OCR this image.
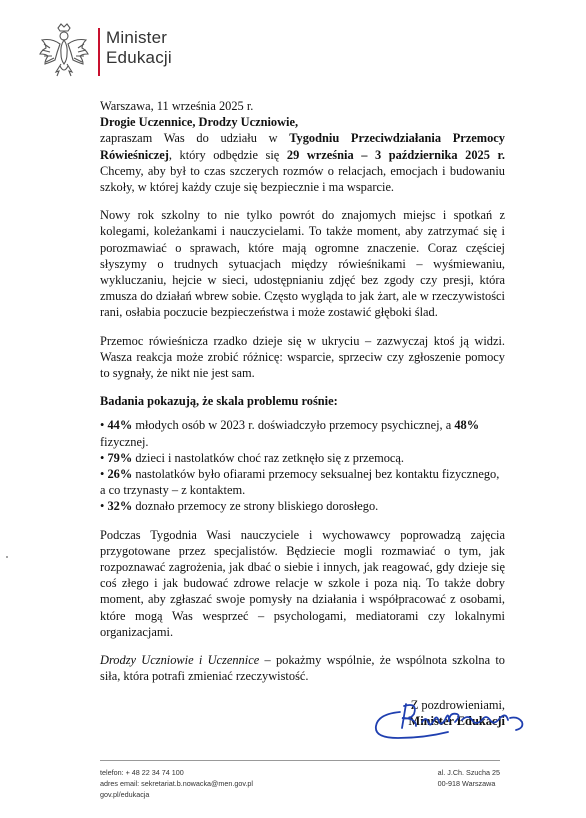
Minister
Edukacji

Warszawa, 11 września 2025 r.

Drogie Uczennice, Drodzy Uczniowie,

zapraszam Was do udziału w Tygodniu Przeciwdziałania Przemocy Rówieśniczej, który odbędzie się 29 września – 3 października 2025 r. Chcemy, aby był to czas szczerych rozmów o relacjach, emocjach i budowaniu szkoły, w której każdy czuje się bezpiecznie i ma wsparcie.

Nowy rok szkolny to nie tylko powrót do znajomych miejsc i spotkań z kolegami, koleżankami i nauczycielami. To także moment, aby zatrzymać się i porozmawiać o sprawach, które mają ogromne znaczenie. Coraz częściej słyszymy o trudnych sytuacjach między rówieśnikami – wyśmiewaniu, wykluczaniu, hejcie w sieci, udostępnianiu zdjęć bez zgody czy presji, która zmusza do działań wbrew sobie. Często wygląda to jak żart, ale w rzeczywistości rani, osłabia poczucie bezpieczeństwa i może zostawić głęboki ślad.

Przemoc rówieśnicza rzadko dzieje się w ukryciu – zazwyczaj ktoś ją widzi. Wasza reakcja może zrobić różnicę: wsparcie, sprzeciw czy zgłoszenie pomocy to sygnały, że nikt nie jest sam.

Badania pokazują, że skala problemu rośnie:

• 44% młodych osób w 2023 r. doświadczyło przemocy psychicznej, a 48% fizycznej.

• 79% dzieci i nastolatków choć raz zetknęło się z przemocą.

• 26% nastolatków było ofiarami przemocy seksualnej bez kontaktu fizycznego, a co trzynasty – z kontaktem.

• 32% doznało przemocy ze strony bliskiego dorosłego.

Podczas Tygodnia Wasi nauczyciele i wychowawcy poprowadzą zajęcia przygotowane przez specjalistów. Będziecie mogli rozmawiać o tym, jak rozpoznawać zagrożenia, jak dbać o siebie i innych, jak reagować, gdy dzieje się coś złego i jak budować zdrowe relacje w szkole i poza nią. To także dobry moment, aby zgłaszać swoje pomysły na działania i współpracować z osobami, które mogą Was wesprzeć – psychologami, mediatorami czy lokalnymi organizacjami.

Drodzy Uczniowie i Uczennice – pokażmy wspólnie, że wspólnota szkolna to siła, która potrafi zmieniać rzeczywistość.

Z pozdrowieniami,

Minister Edukacji

telefon: + 48 22 34 74 100
adres email: sekretariat.b.nowacka@men.gov.pl
gov.pl/edukacja
al. J.Ch. Szucha 25
00-918 Warszawa
